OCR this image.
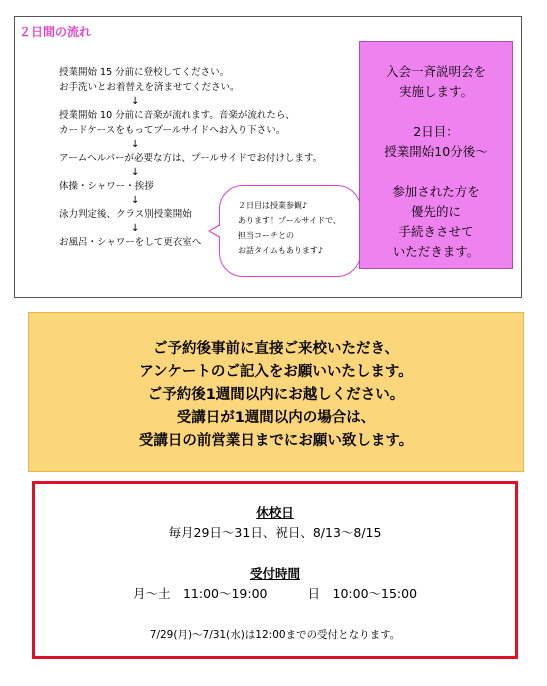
２日間の流れ
授業開始 15 分前に登校してください。
お手洗いとお着替えを済ませてください。
↓
授業開始 10 分前に音楽が流れます。音楽が流れたら、
カードケースをもってプールサイドへお入り下さい。
↓
アームヘルパーが必要な方は、プールサイドでお付けします。
↓
体操・シャワー・挨拶
↓
泳力判定後、クラス別授業開始
↓
お風呂・シャワーをして更衣室へ
２日目は授業参観♪
あります！プールサイドで、
担当コーチとの
お話タイムもあります♪
入会一斉説明会を
実施します。
2日目：
授業開始10分後～
参加された方を
優先的に
手続きさせて
いただきます。
ご予約後事前に直接ご来校いただき、
アンケートのご記入をお願いいたします。
ご予約後1週間以内にお越しください。
受講日が1週間以内の場合は、
受講日の前営業日までにお願い致します。
休校日
毎月29日～31日、祝日、8/13～8/15
受付時間
月～土　11:00～19:00	日　10:00～15:00
7/29(月)～7/31(水)は12:00までの受付となります。
